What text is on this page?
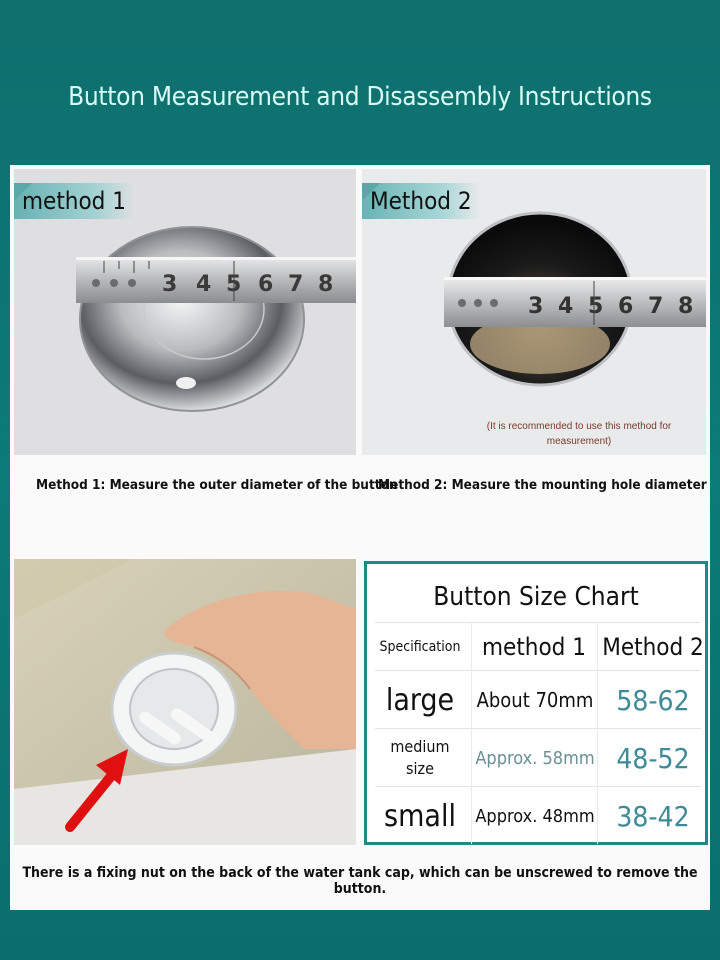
Button Measurement and Disassembly Instructions
3 4 5 6 7 8
method 1
3 4 5 6 7 8
Method 2
(It is recommended to use this method for
measurement)
Method 1: Measure the outer diameter of the button
Method 2: Measure the mounting hole diameter
Button Size Chart
Specification method 1 Method 2
large	About 70mm 58-62
medium
size Approx. 58mm 48-52
small	Approx. 48mm 38-42
There is a fixing nut on the back of the water tank cap, which can be unscrewed to remove the button.
